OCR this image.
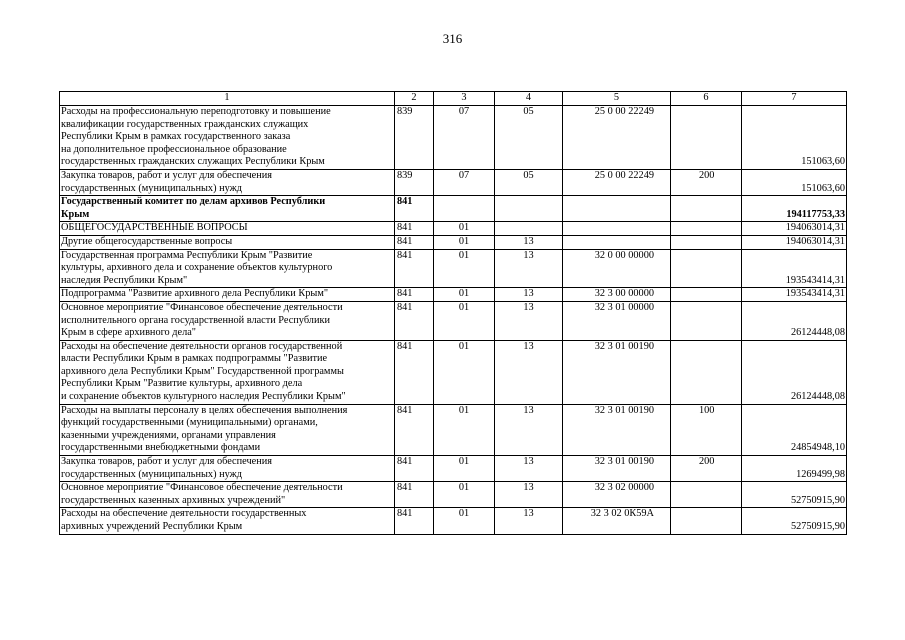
316
1	2	3	4	5	6	7

Расходы на профессиональную переподготовку и повышение
квалификации государственных гражданских служащих
Республики Крым в рамках государственного заказа
на дополнительное профессиональное образование
государственных гражданских служащих Республики Крым	839	07	05	25 0 00 22249		151063,60

Закупка товаров, работ и услуг для обеспечения
государственных (муниципальных) нужд	839	07	05	25 0 00 22249	200	151063,60

Государственный комитет по делам архивов Республики
Крым	841					194117753,33

ОБЩЕГОСУДАРСТВЕННЫЕ ВОПРОСЫ	841	01				194063014,31

Другие общегосударственные вопросы	841	01	13			194063014,31

Государственная программа Республики Крым "Развитие
культуры, архивного дела и сохранение объектов культурного
наследия Республики Крым"	841	01	13	32 0 00 00000		193543414,31

Подпрограмма "Развитие архивного дела Республики Крым"	841	01	13	32 3 00 00000		193543414,31

Основное мероприятие "Финансовое обеспечение деятельности
исполнительного органа государственной власти Республики
Крым в сфере архивного дела"	841	01	13	32 3 01 00000		26124448,08

Расходы на обеспечение деятельности органов государственной
власти Республики Крым в рамках подпрограммы "Развитие
архивного дела Республики Крым" Государственной программы
Республики Крым "Развитие культуры, архивного дела
и сохранение объектов культурного наследия Республики Крым"	841	01	13	32 3 01 00190		26124448,08

Расходы на выплаты персоналу в целях обеспечения выполнения
функций государственными (муниципальными) органами,
казенными учреждениями, органами управления
государственными внебюджетными фондами	841	01	13	32 3 01 00190	100	24854948,10

Закупка товаров, работ и услуг для обеспечения
государственных (муниципальных) нужд	841	01	13	32 3 01 00190	200	1269499,98

Основное мероприятие "Финансовое обеспечение деятельности
государственных казенных архивных учреждений"	841	01	13	32 3 02 00000		52750915,90

Расходы на обеспечение деятельности государственных
архивных учреждений Республики Крым	841	01	13	32 3 02 0К59А		52750915,90
